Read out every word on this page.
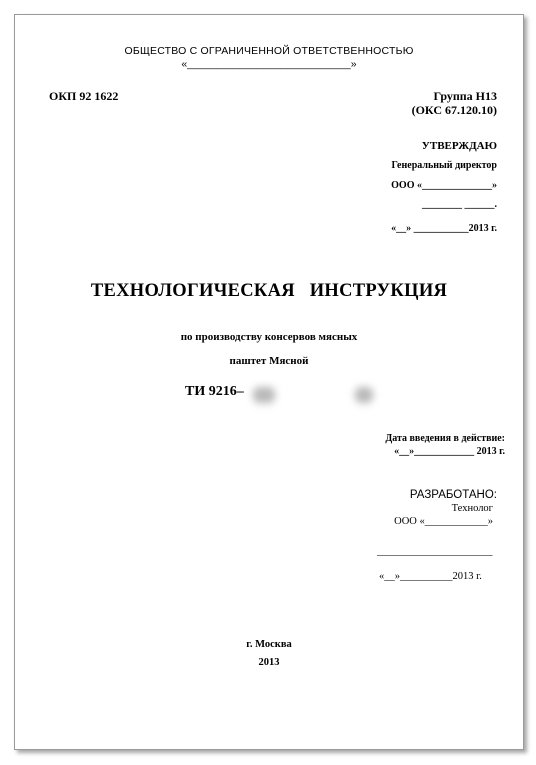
ОБЩЕСТВО С ОГРАНИЧЕННОЙ ОТВЕТСТВЕННОСТЬЮ
«____________________________»
ОКП 92 1622	Группа Н13
(ОКС 67.120.10)
УТВЕРЖДАЮ
Генеральный директор
ООО «______________»
________ ______.
«__» ___________2013 г.
ТЕХНОЛОГИЧЕСКАЯ   ИНСТРУКЦИЯ
по производству консервов мясных
паштет Мясной
ТИ 9216–
Дата введения в действие:
«__»____________ 2013 г.
РАЗРАБОТАНО:
Технолог
ООО «____________»
______________________
«__»__________2013 г.
г. Москва
2013
